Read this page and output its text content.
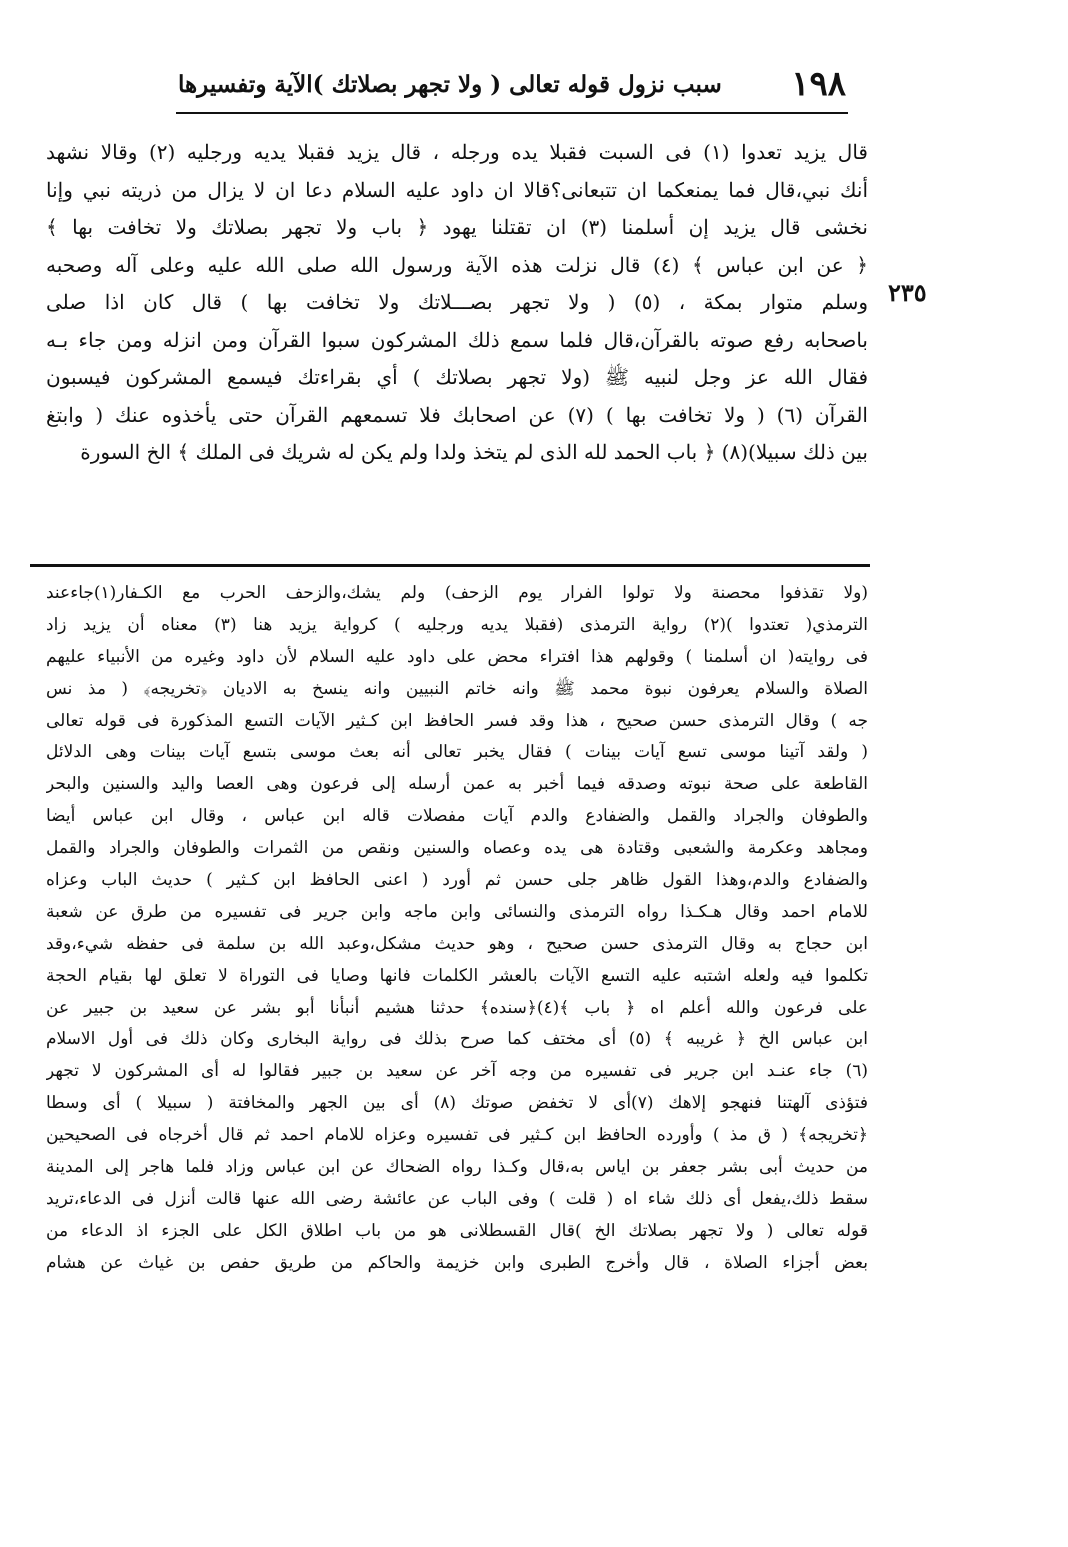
١٩٨
سبب نزول قوله تعالى ( ولا تجهر بصلاتك )الآية وتفسيرها
٢٣٥
قال يزيد تعدوا (١) فى السبت فقبلا يده ورجله ، قال يزيد فقبلا يديه ورجليه (٢) وقالا نشهد
أنك نبي،قال فما يمنعكما ان تتبعانى؟قالا ان داود عليه السلام دعا ان لا يزال من ذريته نبي وإنا
نخشى قال يزيد إن أسلمنا (٣) ان تقتلنا يهود ﴿ باب ولا تجهر بصلاتك ولا تخافت بها ﴾
﴿ عن ابن عباس ﴾ (٤) قال نزلت هذه الآية ورسول الله صلى الله عليه وعلى آله وصحبه
وسلم متوار بمكة ، (٥) ( ولا تجهر بصـــلاتك ولا تخافت بها ) قال كان اذا صلى
باصحابه رفع صوته بالقرآن،قال فلما سمع ذلك المشركون سبوا القرآن ومن انزله ومن جاء بـه
فقال الله عز وجل لنبيه ﷺ (ولا تجهر بصلاتك ) أي بقراءتك فيسمع المشركون فيسبون
القرآن (٦) ( ولا تخافت بها ) (٧) عن اصحابك فلا تسمعهم القرآن حتى يأخذوه عنك ( وابتغ
بين ذلك سبيلا)(٨) ﴿ باب الحمد لله الذى لم يتخذ ولدا ولم يكن له شريك فى الملك ﴾ الخ السورة
(ولا تقذفوا محصنة ولا تولوا الفرار يوم الزحف) ولم يشك،والزحف الحرب مع الكـفار(١)جاءعند
الترمذي( تعتدوا )(٢) رواية الترمذى (فقبلا يديه ورجليه ) كرواية يزيد هنا (٣) معناه أن يزيد زاد
فى روايته( ان أسلمنا ) وقولهم هذا افتراء محض على داود عليه السلام لأن داود وغيره من الأنبياء عليهم
الصلاة والسلام يعرفون نبوة محمد ﷺ وانه خاتم النبيين وانه ينسخ به الاديان ﴿تخريجه﴾ ( مذ نس
جه ) وقال الترمذى حسن صحيح ، هذا وقد فسر الحافظ ابن كـثير الآيات التسع المذكورة فى قوله تعالى
( ولقد آتينا موسى تسع آيات بينات ) فقال يخبر تعالى أنه بعث موسى بتسع آيات بينات وهى الدلائل
القاطعة على صحة نبوته وصدقه فيما أخبر به عمن أرسله إلى فرعون وهى العصا واليد والسنين والبحر
والطوفان والجراد والقمل والضفادع والدم آيات مفصلات قاله ابن عباس ، وقال ابن عباس أيضا
ومجاهد وعكرمة والشعبى وقتادة هى يده وعصاه والسنين ونقص من الثمرات والطوفان والجراد والقمل
والضفادع والدم،وهذا القول ظاهر جلى حسن ثم أورد ( اعنى الحافظ ابن كـثير ) حديث الباب وعزاه
للامام احمد وقال هـكـذا رواه الترمذى والنسائى وابن ماجه وابن جرير فى تفسيره من طرق عن شعبة
ابن حجاج به وقال الترمذى حسن صحيح ، وهو حديث مشكل،وعبد الله بن سلمة فى حفظه شيء،وقد
تكلموا فيه ولعله اشتبه عليه التسع الآيات بالعشر الكلمات فانها وصايا فى التوراة لا تعلق لها بقيام الحجة
على فرعون والله أعلم اه ﴿ باب ﴾(٤)﴿سنده﴾ حدثنا هشيم أنبأنا أبو بشر عن سعيد بن جبير عن
ابن عباس الخ ﴿ غريبه ﴾ (٥) أى مختف كما صرح بذلك فى رواية البخارى وكان ذلك فى أول الاسلام
(٦) جاء عنـد ابن جرير فى تفسيره من وجه آخر عن سعيد بن جبير فقالوا له أى المشركون لا تجهر
فتؤذى آلهتنا فنهجو إلاهك (٧)أى لا تخفض صوتك (٨) أى بين الجهر والمخافتة ( سبيلا ) أى وسطا
﴿تخريجه﴾ ( ق مذ ) وأورده الحافظ ابن كـثير فى تفسيره وعزاه للامام احمد ثم قال أخرجاه فى الصحيحين
من حديث أبى بشر جعفر بن اياس به،قال وكـذا رواه الضحاك عن ابن عباس وزاد فلما هاجر إلى المدينة
سقط ذلك،يفعل أى ذلك شاء اه ( قلت ) وفى الباب عن عائشة رضى الله عنها قالت أنزل فى الدعاء،تريد
قوله تعالى ( ولا تجهر بصلاتك الخ )قال القسطلانى هو من باب اطلاق الكل على الجزء اذ الدعاء من
بعض أجزاء الصلاة ، قال وأخرج الطبرى وابن خزيمة والحاكم من طريق حفص بن غياث عن هشام
